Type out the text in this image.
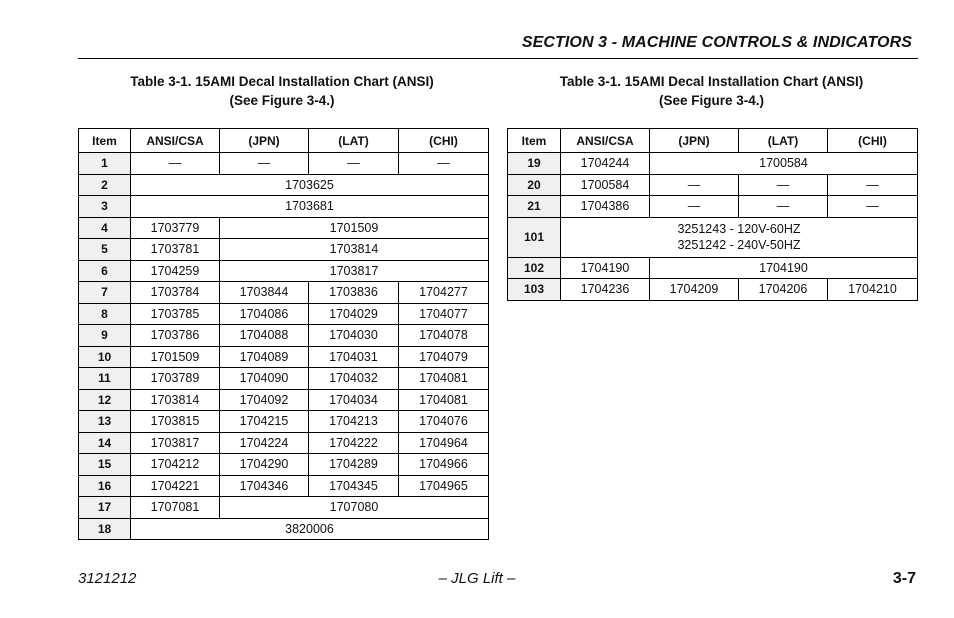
SECTION 3 - MACHINE CONTROLS & INDICATORS
Table 3-1. 15AMI Decal Installation Chart (ANSI)
(See Figure 3-4.)
Table 3-1. 15AMI Decal Installation Chart (ANSI)
(See Figure 3-4.)
Item	ANSI/CSA	(JPN)	(LAT)	(CHI)
1	—	—	—	—
2	1703625			
3	1703681			
4	1703779	1701509		
5	1703781	1703814		
6	1704259	1703817		
7	1703784	1703844	1703836	1704277
8	1703785	1704086	1704029	1704077
9	1703786	1704088	1704030	1704078
10	1701509	1704089	1704031	1704079
11	1703789	1704090	1704032	1704081
12	1703814	1704092	1704034	1704081
13	1703815	1704215	1704213	1704076
14	1703817	1704224	1704222	1704964
15	1704212	1704290	1704289	1704966
16	1704221	1704346	1704345	1704965
17	1707081	1707080		
18	3820006			
Item	ANSI/CSA	(JPN)	(LAT)	(CHI)
19	1704244	1700584		
20	1700584	—	—	—
21	1704386	—	—	—
101	3251243 - 120V-60HZ
3251242 - 240V-50HZ			

102	1704190	1704190		
103	1704236	1704209	1704206	1704210
3121212	– JLG Lift –	3-7
